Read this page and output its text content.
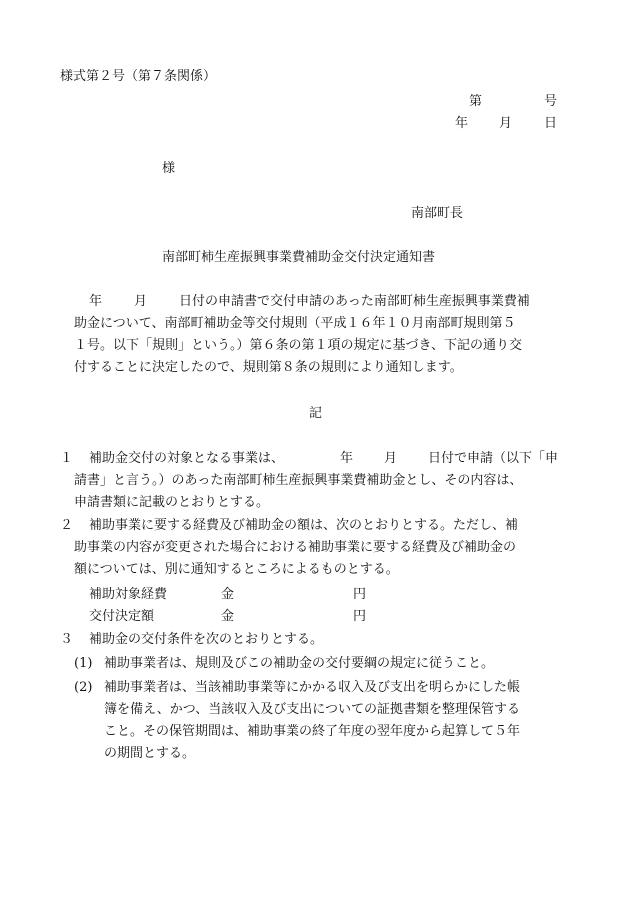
様式第２号（第７条関係）
第	号
年 月 日
様
南部町長
南部町柿生産振興事業費補助金交付決定通知書
年 月 日付の申請書で交付申請のあった南部町柿生産振興事業費補
助金について、南部町補助金等交付規則（平成１６年１０月南部町規則第５
１号。以下「規則」という。）第６条の第１項の規定に基づき、下記の通り交
付することに決定したので、規則第８条の規則により通知します。
記
１ 補助金交付の対象となる事業は、	年 月 日付で申請（以下「申
請書」と言う。）のあった南部町柿生産振興事業費補助金とし、その内容は、
申請書類に記載のとおりとする。
２ 補助事業に要する経費及び補助金の額は、次のとおりとする。ただし、補
助事業の内容が変更された場合における補助事業に要する経費及び補助金の
額については、別に通知するところによるものとする。
補助対象経費	金	円
交付決定額	金	円
３ 補助金の交付条件を次のとおりとする。
(1) 補助事業者は、規則及びこの補助金の交付要綱の規定に従うこと。
(2) 補助事業者は、当該補助事業等にかかる収入及び支出を明らかにした帳
簿を備え、かつ、当該収入及び支出についての証拠書類を整理保管する
こと。その保管期間は、補助事業の終了年度の翌年度から起算して５年
の期間とする。
